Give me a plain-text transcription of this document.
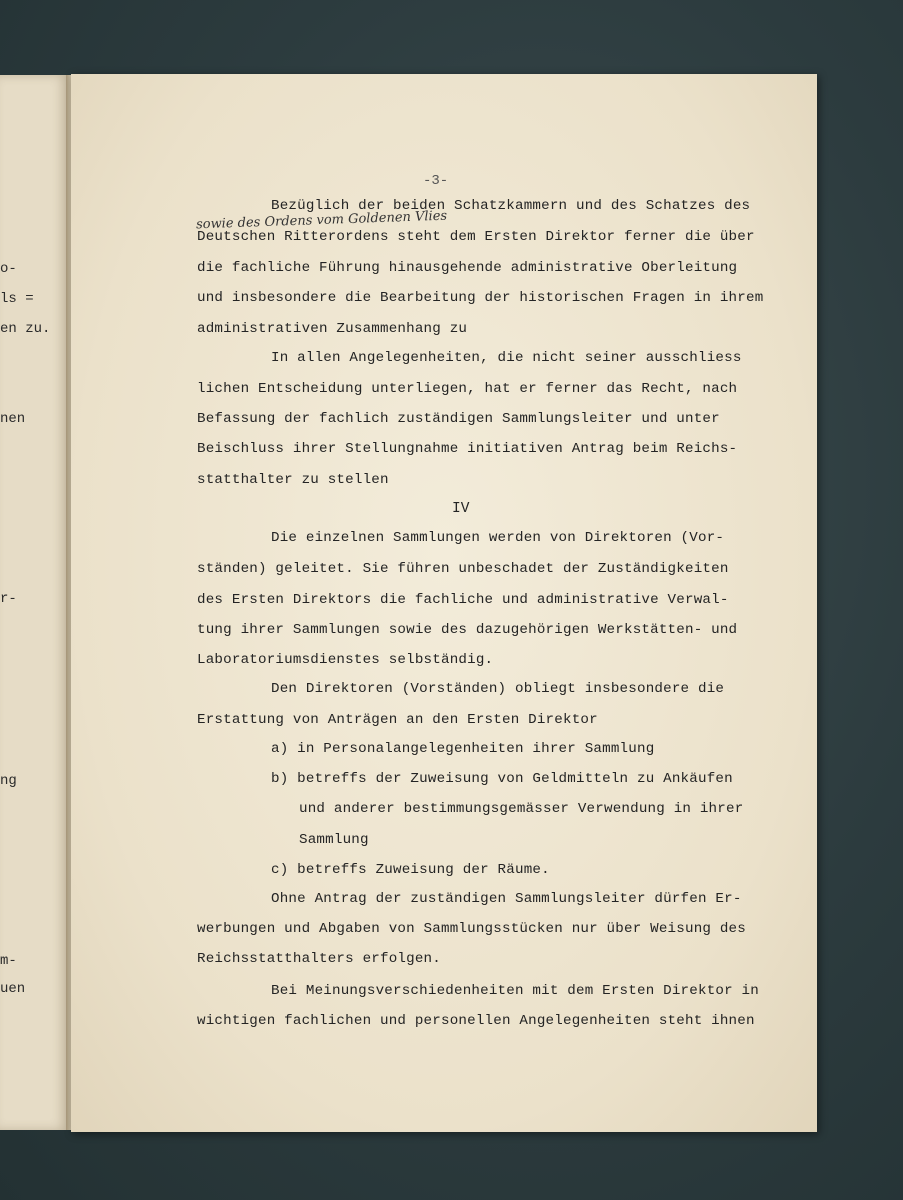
o-
ls =
en zu.
nen
r-
ng
m-
uen
-3-
sowie des Ordens vom Goldenen Vlies
Bezüglich der beiden Schatzkammern und des Schatzes des
Deutschen Ritterordens steht dem Ersten Direktor ferner die über
die fachliche Führung hinausgehende administrative Oberleitung
und insbesondere die Bearbeitung der historischen Fragen in ihrem
administrativen Zusammenhang zu
In allen Angelegenheiten, die nicht seiner ausschliess
lichen Entscheidung unterliegen, hat er ferner das Recht, nach
Befassung der fachlich zuständigen Sammlungsleiter und unter
Beischluss ihrer Stellungnahme initiativen Antrag beim Reichs-
statthalter zu stellen
IV
Die einzelnen Sammlungen werden von Direktoren (Vor-
ständen) geleitet. Sie führen unbeschadet der Zuständigkeiten
des Ersten Direktors die fachliche und administrative Verwal-
tung ihrer Sammlungen sowie des dazugehörigen Werkstätten- und
Laboratoriumsdienstes selbständig.
Den Direktoren (Vorständen) obliegt insbesondere die
Erstattung von Anträgen an den Ersten Direktor
a) in Personalangelegenheiten ihrer Sammlung
b) betreffs der Zuweisung von Geldmitteln zu Ankäufen
und anderer bestimmungsgemässer Verwendung in ihrer
Sammlung
c) betreffs Zuweisung der Räume.
Ohne Antrag der zuständigen Sammlungsleiter dürfen Er-
werbungen und Abgaben von Sammlungsstücken nur über Weisung des
Reichsstatthalters erfolgen.
Bei Meinungsverschiedenheiten mit dem Ersten Direktor in
wichtigen fachlichen und personellen Angelegenheiten steht ihnen
